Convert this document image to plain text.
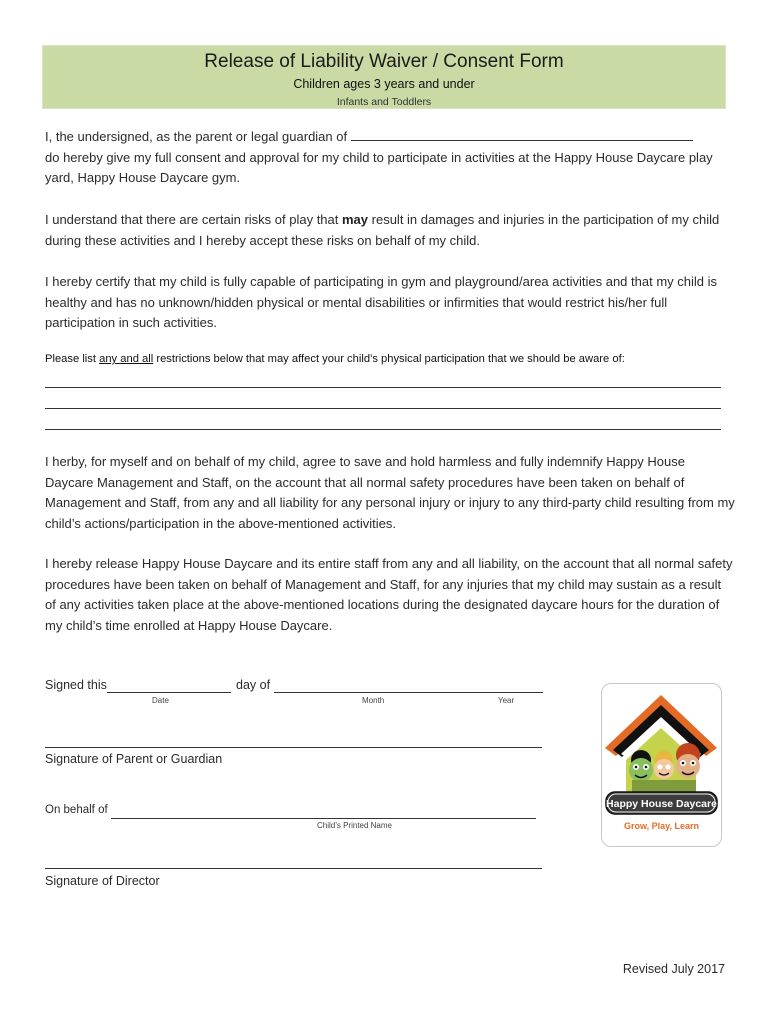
Release of Liability Waiver / Consent Form
Children ages 3 years and under
Infants and Toddlers

I, the undersigned, as the parent or legal guardian of
do hereby give my full consent and approval for my child to participate in activities at the Happy House Daycare play yard, Happy House Daycare gym.

I understand that there are certain risks of play that may result in damages and injuries in the participation of my child during these activities and I hereby accept these risks on behalf of my child.

I hereby certify that my child is fully capable of participating in gym and playground/area activities and that my child is healthy and has no unknown/hidden physical or mental disabilities or infirmities that would restrict his/her full participation in such activities.

Please list any and all restrictions below that may affect your child’s physical participation that we should be aware of:

I herby, for myself and on behalf of my child, agree to save and hold harmless and fully indemnify Happy House Daycare Management and Staff, on the account that all normal safety procedures have been taken on behalf of Management and Staff, from any and all liability for any personal injury or injury to any third-party child resulting from my child’s actions/participation in the above-mentioned activities.

I hereby release Happy House Daycare and its entire staff from any and all liability, on the account that all normal safety procedures have been taken on behalf of Management and Staff, for any injuries that my child may sustain as a result of any activities taken place at the above-mentioned locations during the designated daycare hours for the duration of my child’s time enrolled at Happy House Daycare.

Signed this	day of
Date	Month	Year
Signature of Parent or Guardian
On behalf of
Child’s Printed Name
Signature of Director
Happy House Daycare
Grow, Play, Learn
Revised July 2017
